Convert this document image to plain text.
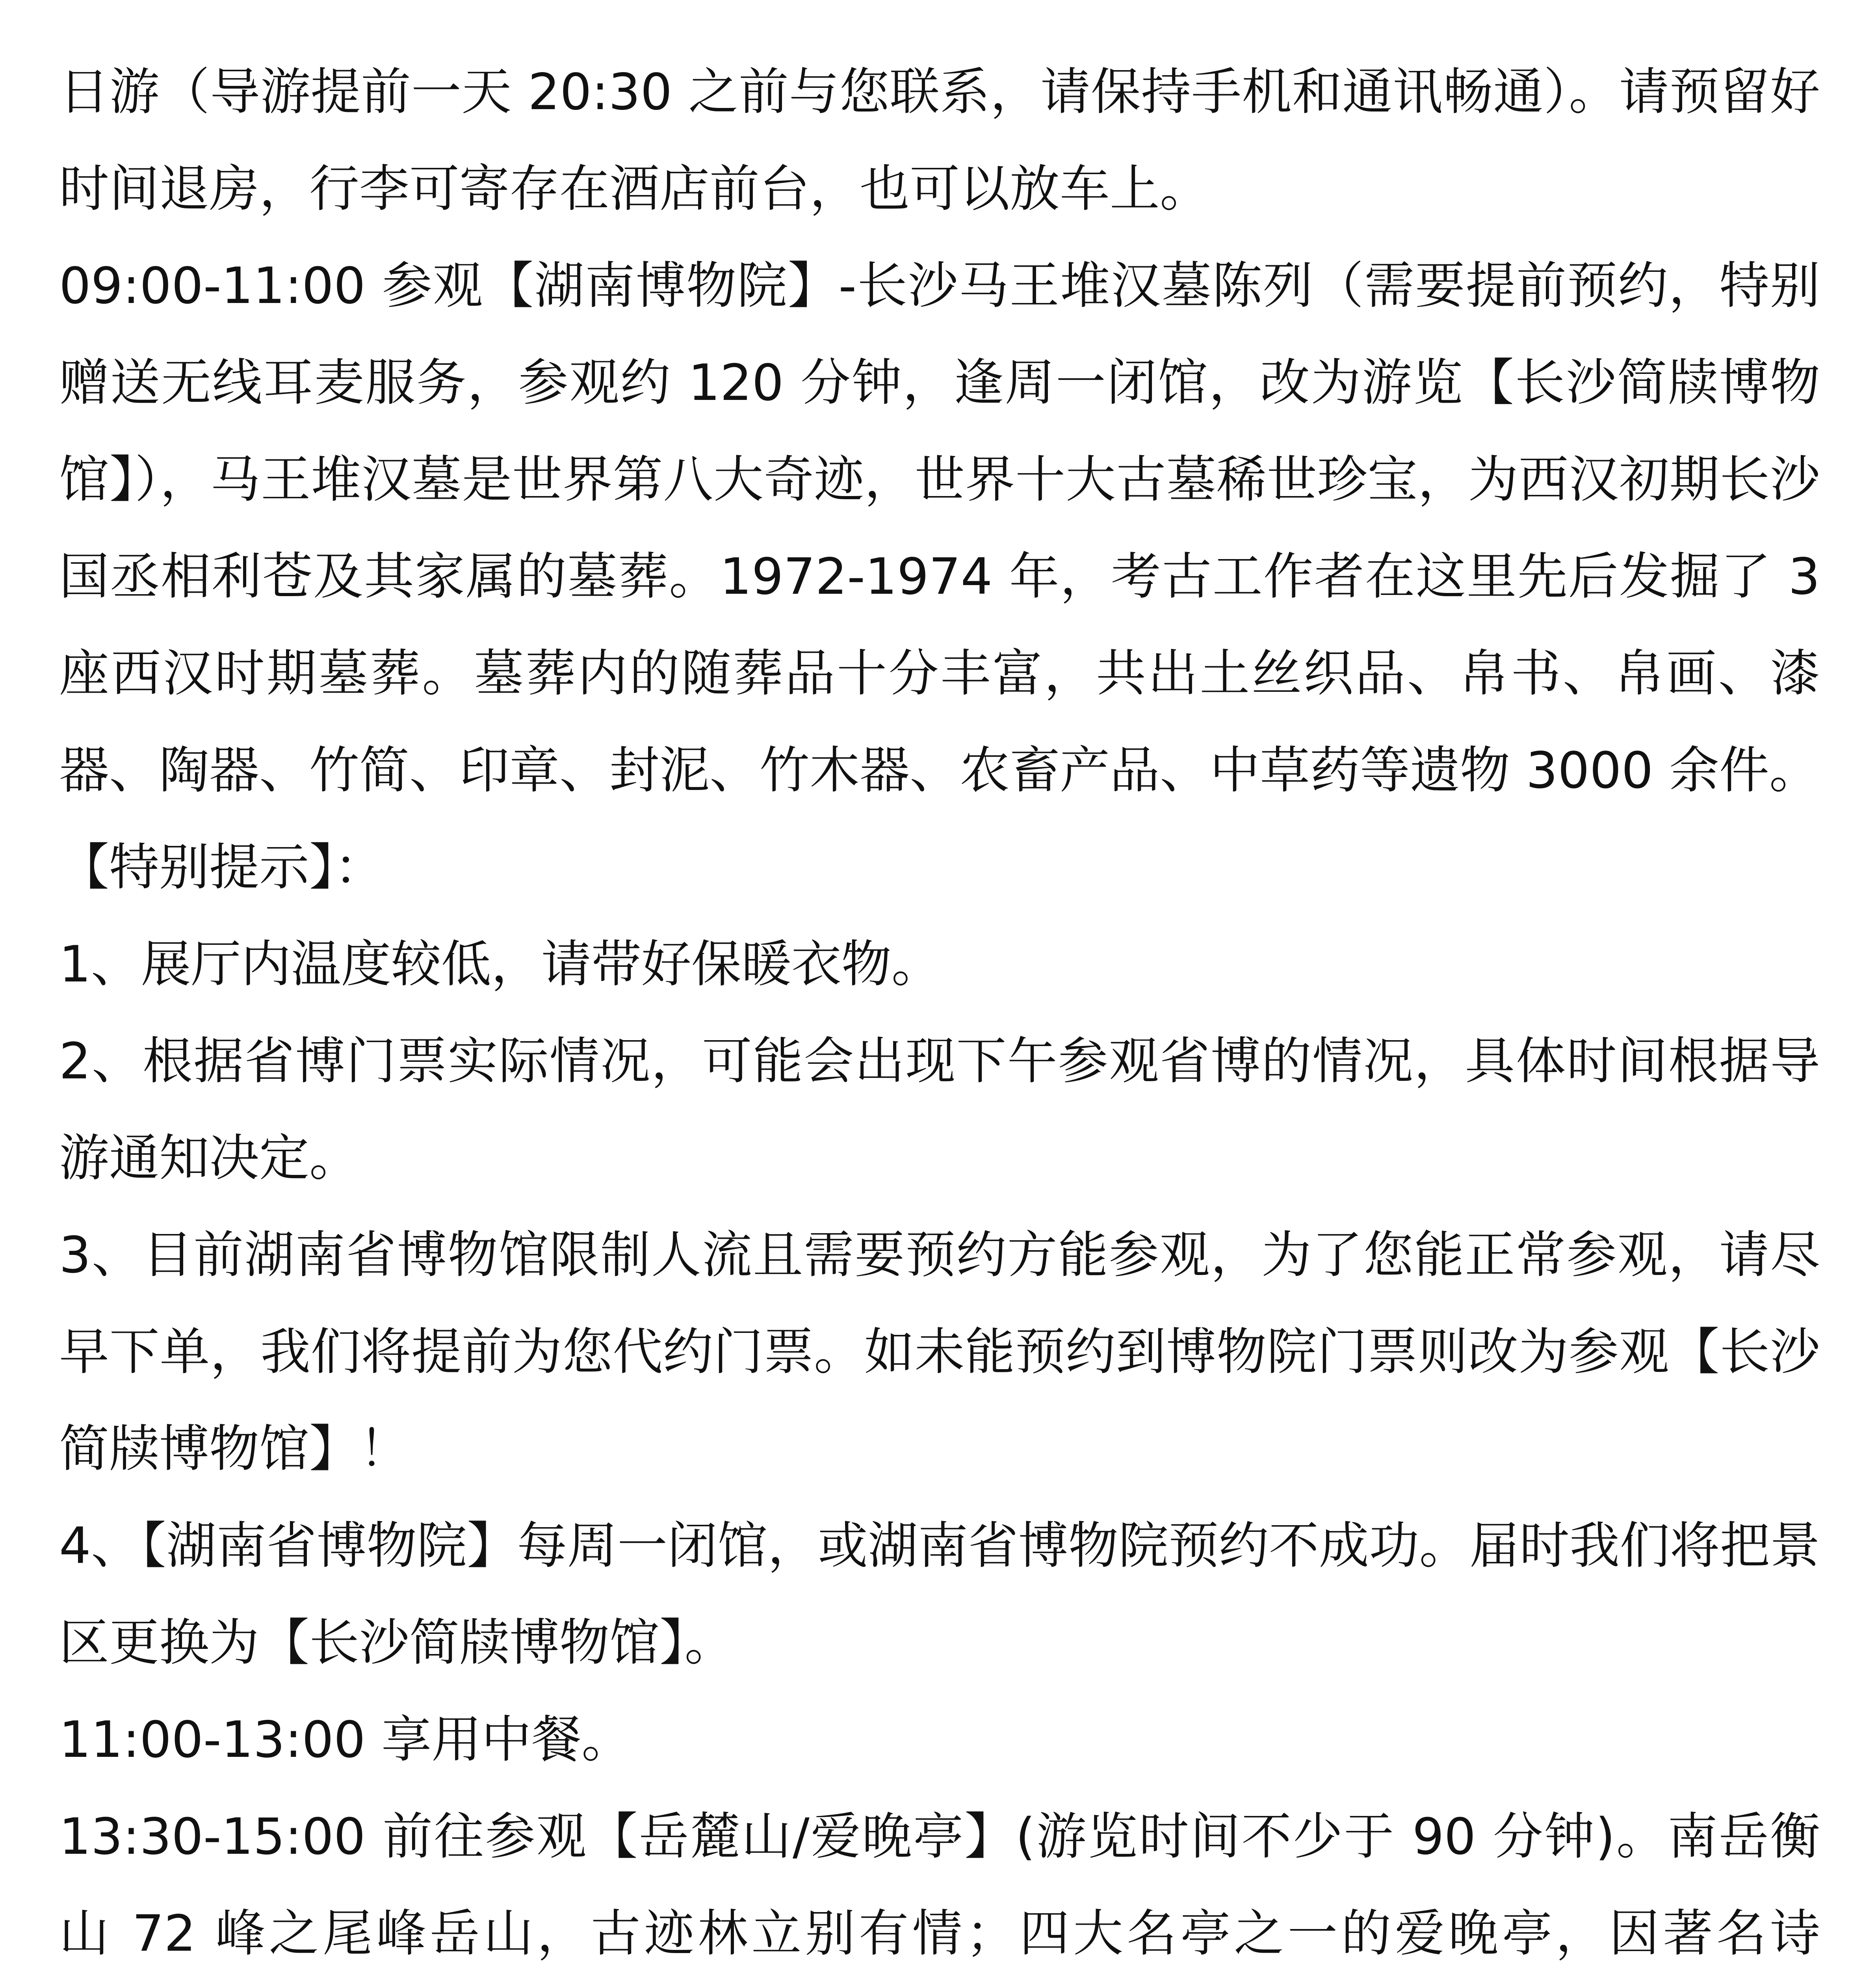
日游（导游提前一天 20:30 之前与您联系，请保持手机和通讯畅通）。请预留好时间退房，行李可寄存在酒店前台，也可以放车上。

09:00-11:00 参观【湖南博物院】-长沙马王堆汉墓陈列（需要提前预约，特别赠送无线耳麦服务，参观约 120 分钟，逢周一闭馆，改为游览【长沙简牍博物馆】），马王堆汉墓是世界第八大奇迹，世界十大古墓稀世珍宝，为西汉初期长沙国丞相利苍及其家属的墓葬。1972-1974 年，考古工作者在这里先后发掘了 3 座西汉时期墓葬。墓葬内的随葬品十分丰富，共出土丝织品、帛书、帛画、漆器、陶器、竹简、印章、封泥、竹木器、农畜产品、中草药等遗物 3000 余件。

【特别提示】：

1、展厅内温度较低，请带好保暖衣物。

2、根据省博门票实际情况，可能会出现下午参观省博的情况，具体时间根据导游通知决定。

3、目前湖南省博物馆限制人流且需要预约方能参观，为了您能正常参观，请尽早下单，我们将提前为您代约门票。如未能预约到博物院门票则改为参观【长沙简牍博物馆】！

4、【湖南省博物院】每周一闭馆，或湖南省博物院预约不成功。届时我们将把景区更换为【长沙简牍博物馆】。

11:00-13:00 享用中餐。

13:30-15:00 前往参观【岳麓山/爱晚亭】(游览时间不少于 90 分钟)。南岳衡山 72 峰之尾峰岳山，古迹林立别有情；四大名亭之一的爱晚亭，因著名诗
